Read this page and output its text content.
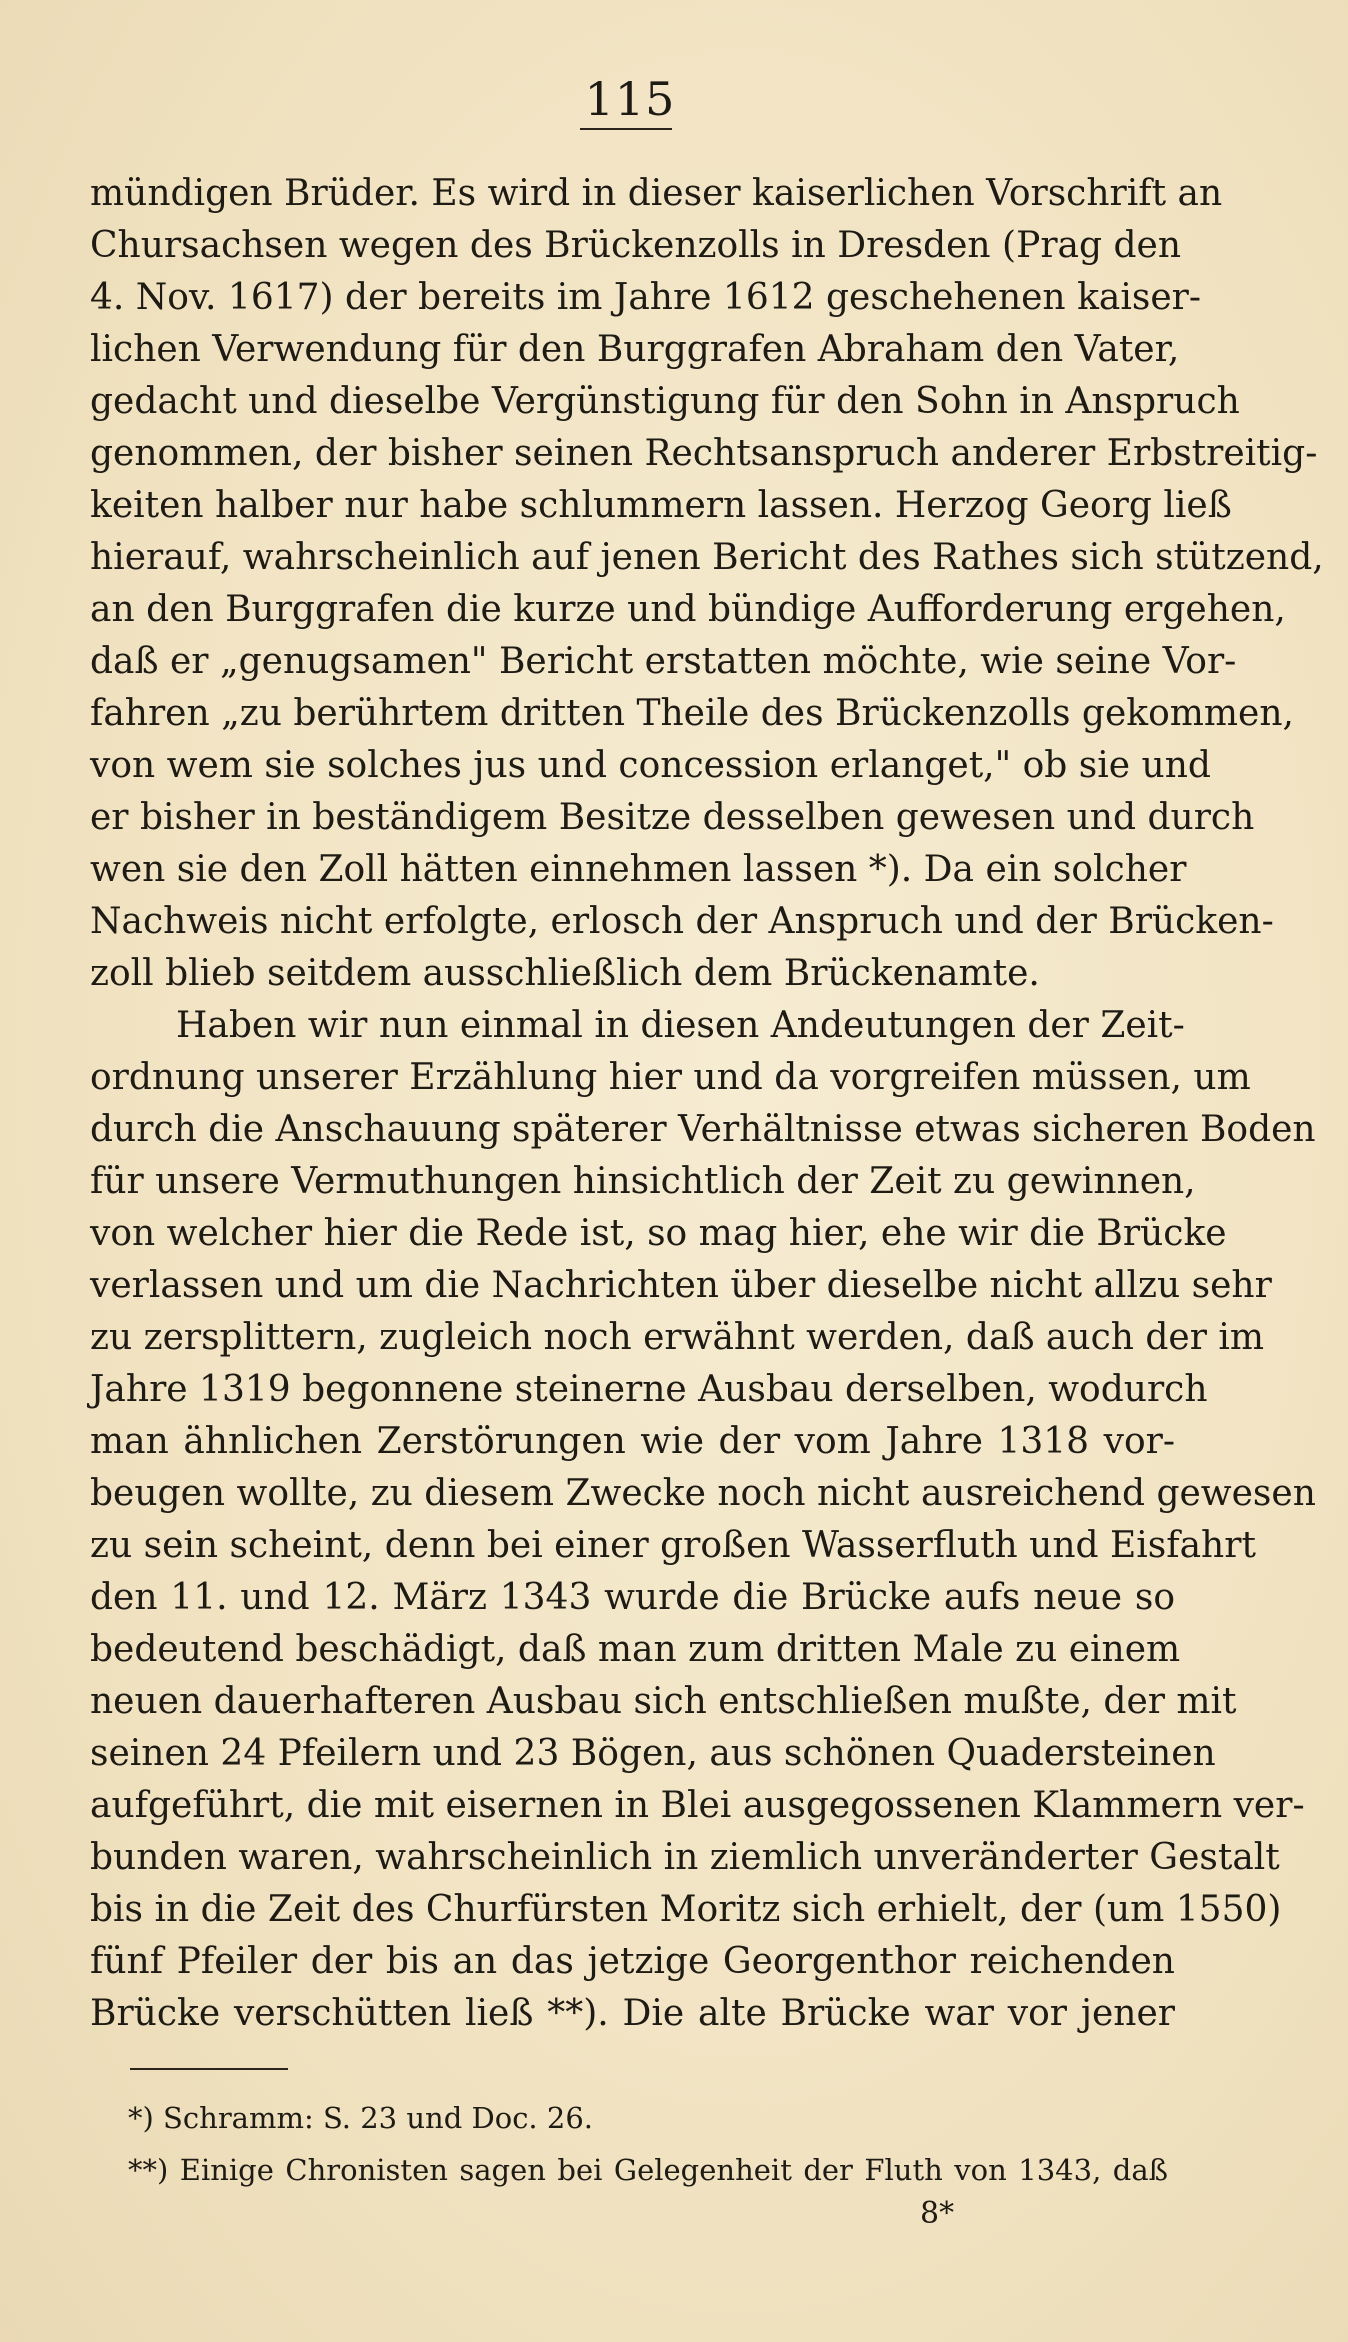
115
mündigen Brüder. Es wird in dieser kaiserlichen Vorschrift an
Chursachsen wegen des Brückenzolls in Dresden (Prag den
4. Nov. 1617) der bereits im Jahre 1612 geschehenen kaiser-
lichen Verwendung für den Burggrafen Abraham den Vater,
gedacht und dieselbe Vergünstigung für den Sohn in Anspruch
genommen, der bisher seinen Rechtsanspruch anderer Erbstreitig-
keiten halber nur habe schlummern lassen. Herzog Georg ließ
hierauf, wahrscheinlich auf jenen Bericht des Rathes sich stützend,
an den Burggrafen die kurze und bündige Aufforderung ergehen,
daß er „genugsamen" Bericht erstatten möchte, wie seine Vor-
fahren „zu berührtem dritten Theile des Brückenzolls gekommen,
von wem sie solches jus und concession erlanget," ob sie und
er bisher in beständigem Besitze desselben gewesen und durch
wen sie den Zoll hätten einnehmen lassen *). Da ein solcher
Nachweis nicht erfolgte, erlosch der Anspruch und der Brücken-
zoll blieb seitdem ausschließlich dem Brückenamte.
Haben wir nun einmal in diesen Andeutungen der Zeit-
ordnung unserer Erzählung hier und da vorgreifen müssen, um
durch die Anschauung späterer Verhältnisse etwas sicheren Boden
für unsere Vermuthungen hinsichtlich der Zeit zu gewinnen,
von welcher hier die Rede ist, so mag hier, ehe wir die Brücke
verlassen und um die Nachrichten über dieselbe nicht allzu sehr
zu zersplittern, zugleich noch erwähnt werden, daß auch der im
Jahre 1319 begonnene steinerne Ausbau derselben, wodurch
man ähnlichen Zerstörungen wie der vom Jahre 1318 vor-
beugen wollte, zu diesem Zwecke noch nicht ausreichend gewesen
zu sein scheint, denn bei einer großen Wasserfluth und Eisfahrt
den 11. und 12. März 1343 wurde die Brücke aufs neue so
bedeutend beschädigt, daß man zum dritten Male zu einem
neuen dauerhafteren Ausbau sich entschließen mußte, der mit
seinen 24 Pfeilern und 23 Bögen, aus schönen Quadersteinen
aufgeführt, die mit eisernen in Blei ausgegossenen Klammern ver-
bunden waren, wahrscheinlich in ziemlich unveränderter Gestalt
bis in die Zeit des Churfürsten Moritz sich erhielt, der (um 1550)
fünf Pfeiler der bis an das jetzige Georgenthor reichenden
Brücke verschütten ließ **). Die alte Brücke war vor jener
*) Schramm: S. 23 und Doc. 26.
**) Einige Chronisten sagen bei Gelegenheit der Fluth von 1343, daß
8*
